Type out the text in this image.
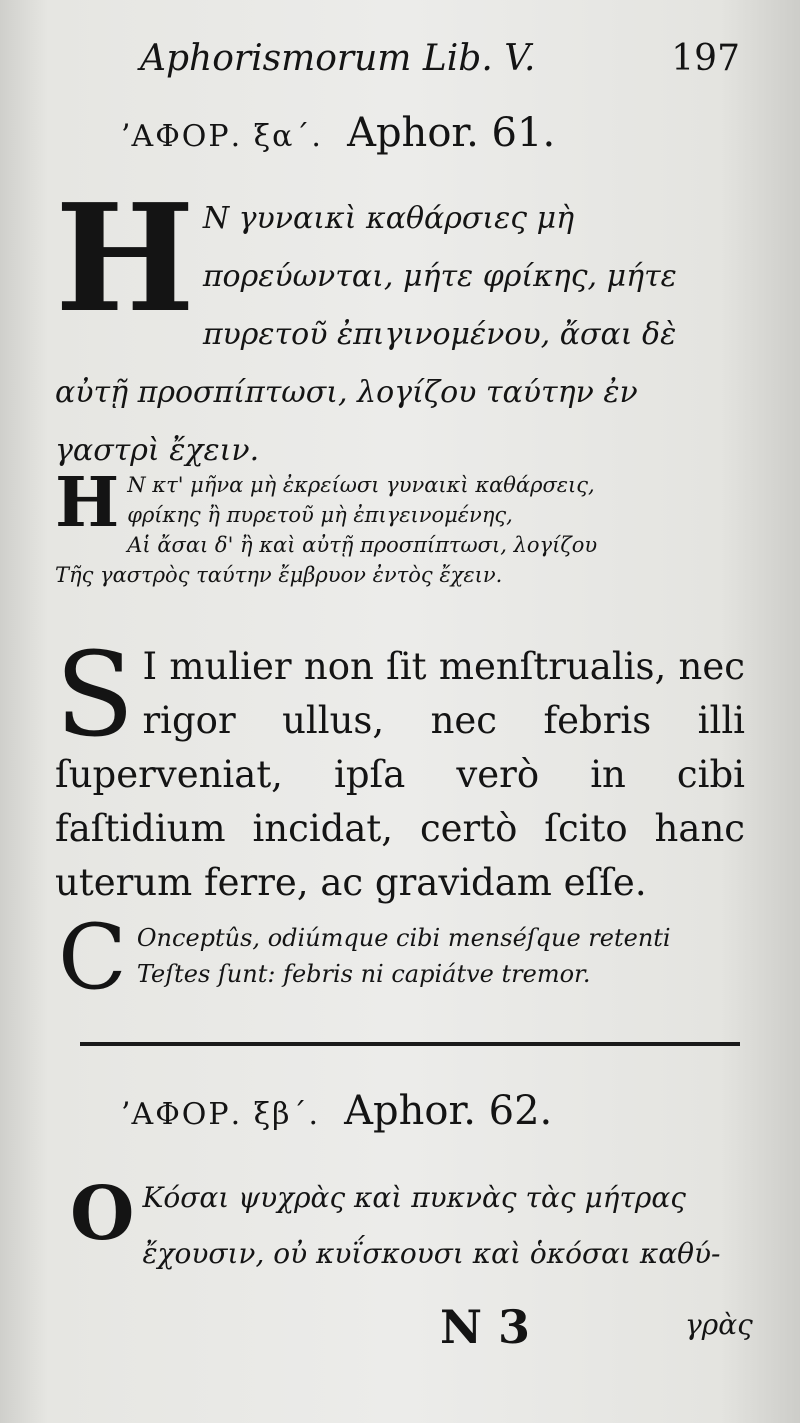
Aphorismorum Lib. V.	197
ʼΑΦΟΡ. ξα΄. Aphor. 61.
H Ν γυναικὶ καθάρσιες μὴ πορεύωνται, μήτε φρίκης, μήτε πυρετοῦ ἐπιγινομένου, ἄσαι δὲ αὐτῇ προσπίπτωσι, λογίζου ταύτην ἐν γαστρὶ ἔχειν.
H Ν κτ' μῆνα μὴ ἐκρείωσι γυναικὶ καθάρσεις,
φρίκης ἢ πυρετοῦ μὴ ἐπιγεινομένης,
Αἱ ἄσαι δ' ἢ καὶ αὐτῇ προσπίπτωσι, λογίζου
Τῆς γαστρὸς ταύτην ἔμβρυον ἐντὸς ἔχειν.
S I mulier non ſit menſtrualis, nec rigor ullus, nec febris illi ſuperveniat, ipſa verò in cibi faſtidium incidat, certò ſcito hanc uterum ferre, ac gravidam eſſe.
C Onceptûs, odiúmque cibi menséſque retenti
Teſtes ſunt: febris ni capiátve tremor.
ʼΑΦΟΡ. ξβ΄. Aphor. 62.
O Κόσαι ψυχρὰς καὶ πυκνὰς τὰς μήτρας ἔχουσιν, οὐ κυΐσκουσι καὶ ὁκόσαι καθύ-
N 3	γρὰς
